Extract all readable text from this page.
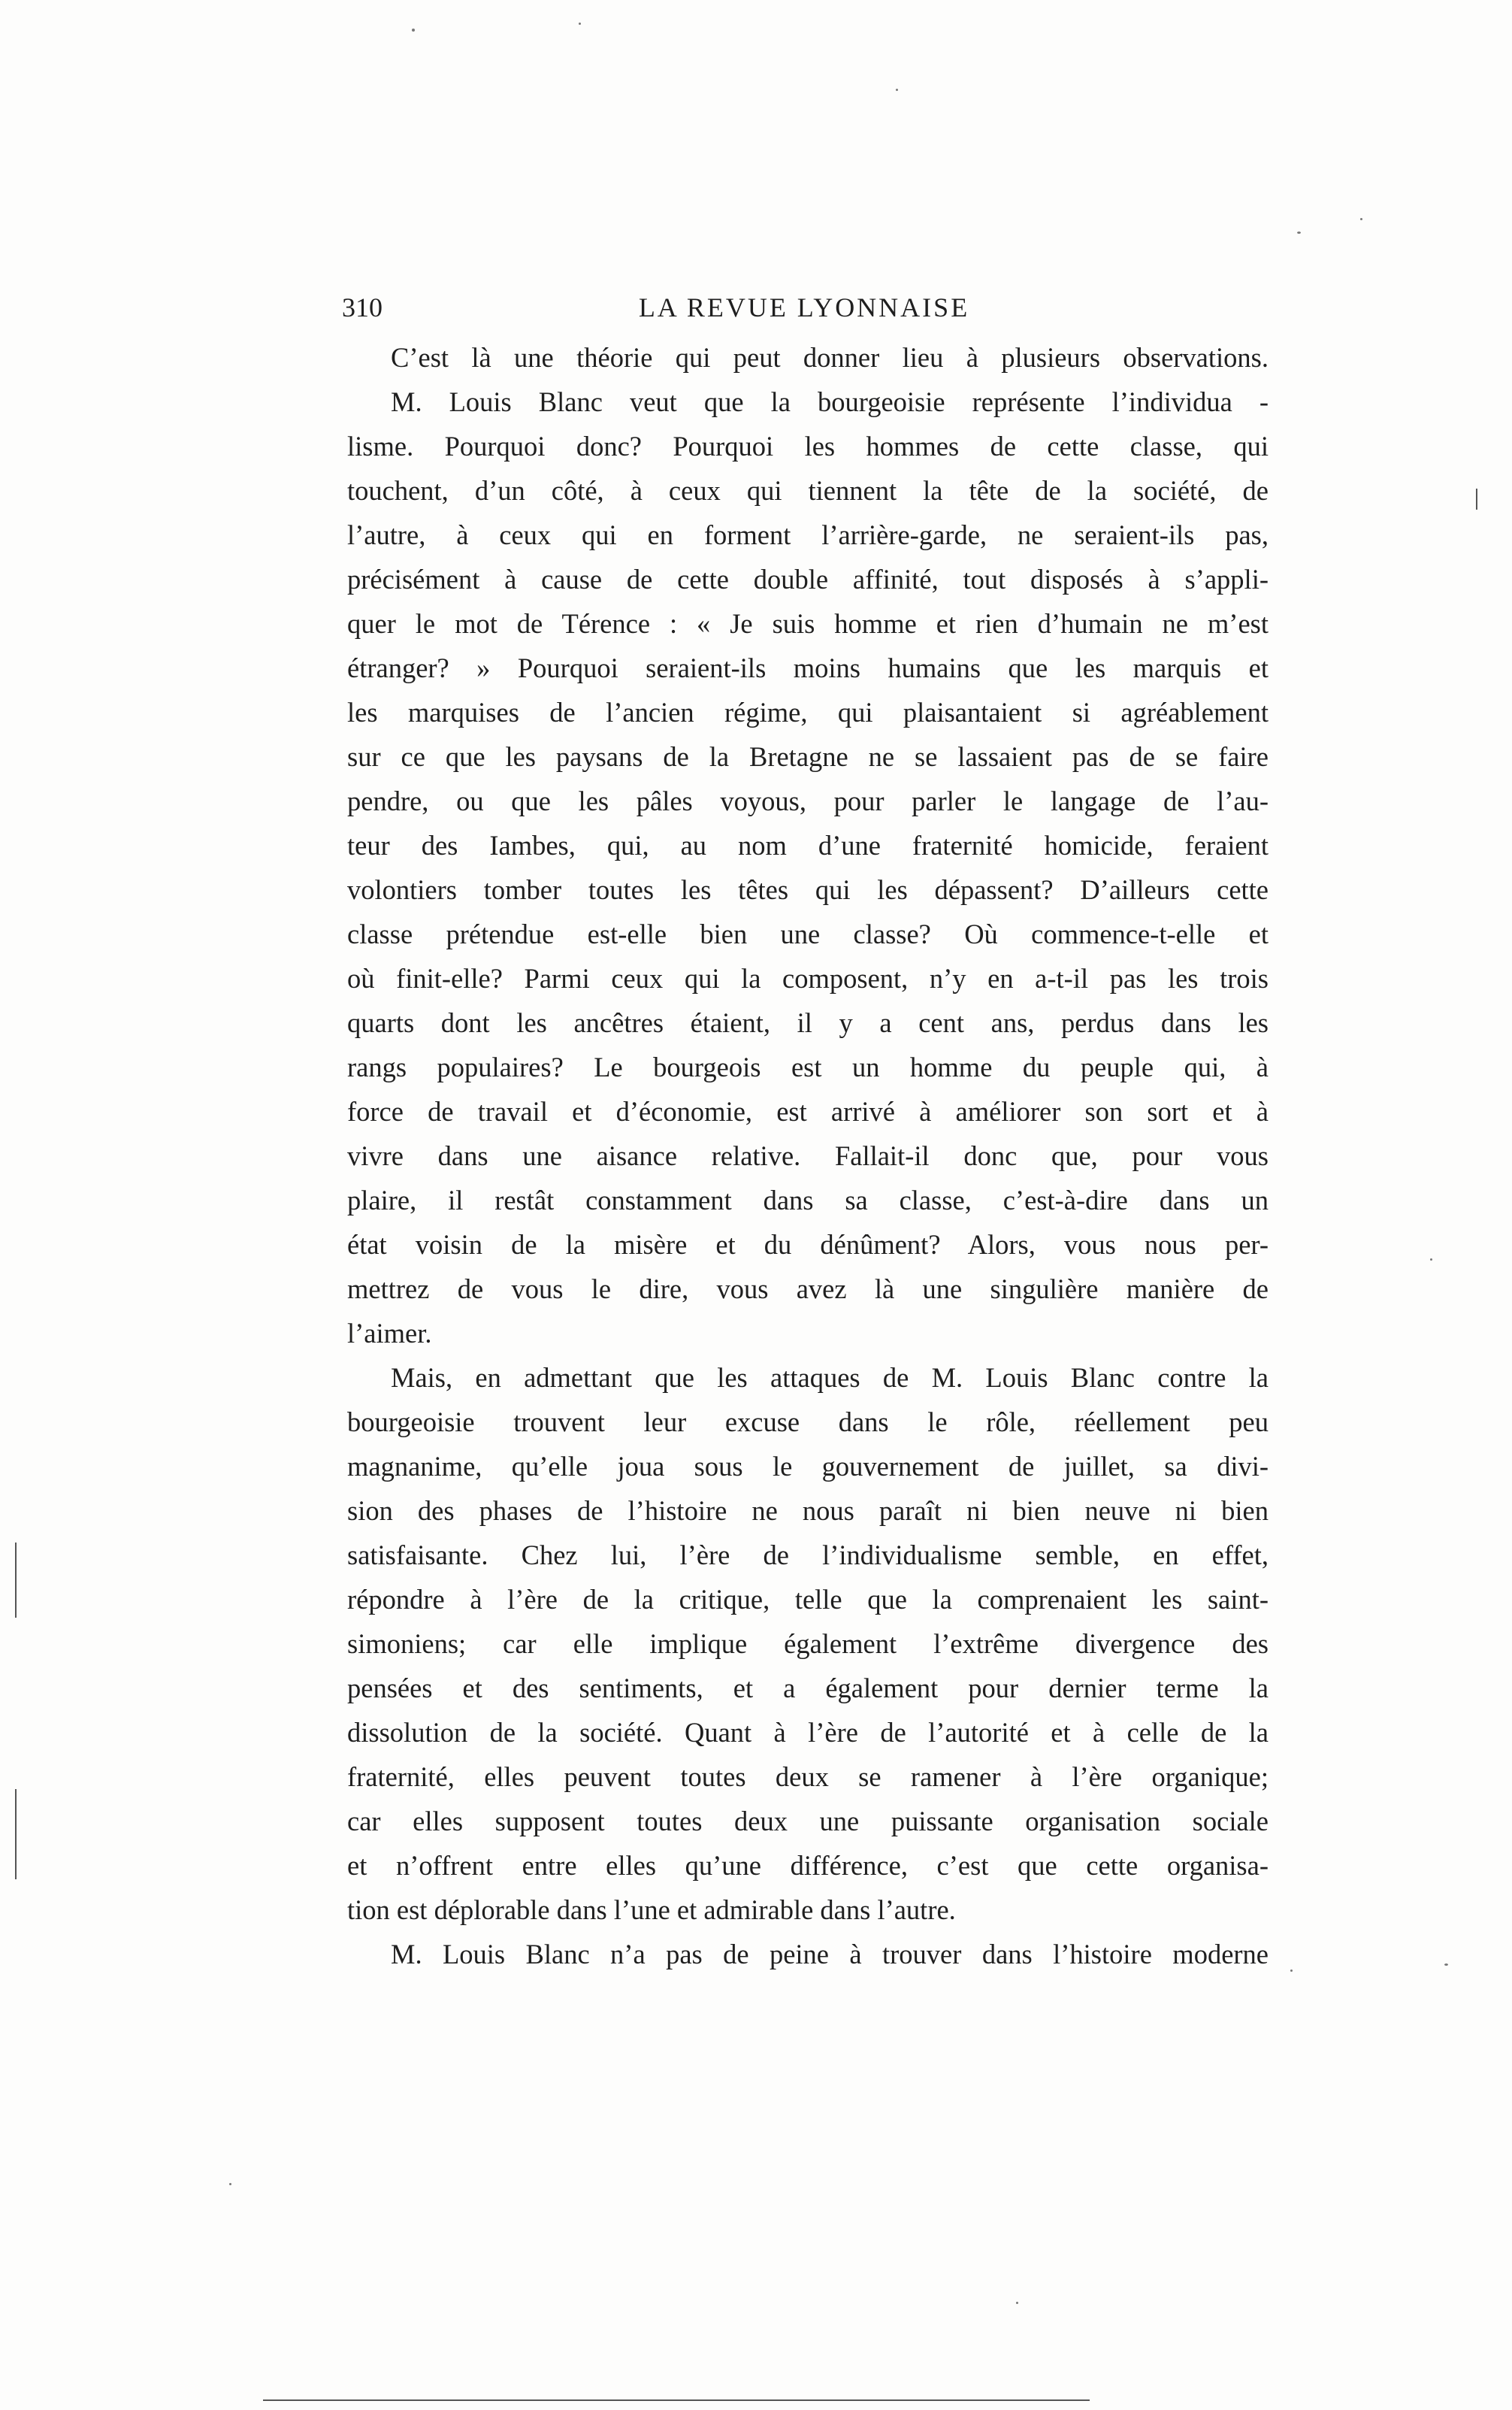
310	LA REVUE LYONNAISE
C’est là une théorie qui peut donner lieu à plusieurs observations.
M. Louis Blanc veut que la bourgeoisie représente l’individua -
lisme. Pourquoi donc? Pourquoi les hommes de cette classe, qui
touchent, d’un côté, à ceux qui tiennent la tête de la société, de
l’autre, à ceux qui en forment l’arrière-garde, ne seraient-ils pas,
précisément à cause de cette double affinité, tout disposés à s’appli-
quer le mot de Térence : « Je suis homme et rien d’humain ne m’est
étranger? » Pourquoi seraient-ils moins humains que les marquis et
les marquises de l’ancien régime, qui plaisantaient si agréablement
sur ce que les paysans de la Bretagne ne se lassaient pas de se faire
pendre, ou que les pâles voyous, pour parler le langage de l’au-
teur des Iambes, qui, au nom d’une fraternité homicide, feraient
volontiers tomber toutes les têtes qui les dépassent? D’ailleurs cette
classe prétendue est-elle bien une classe? Où commence-t-elle et
où finit-elle? Parmi ceux qui la composent, n’y en a-t-il pas les trois
quarts dont les ancêtres étaient, il y a cent ans, perdus dans les
rangs populaires? Le bourgeois est un homme du peuple qui, à
force de travail et d’économie, est arrivé à améliorer son sort et à
vivre dans une aisance relative. Fallait-il donc que, pour vous
plaire, il restât constamment dans sa classe, c’est-à-dire dans un
état voisin de la misère et du dénûment? Alors, vous nous per-
mettrez de vous le dire, vous avez là une singulière manière de
l’aimer.
Mais, en admettant que les attaques de M. Louis Blanc contre la
bourgeoisie trouvent leur excuse dans le rôle, réellement peu
magnanime, qu’elle joua sous le gouvernement de juillet, sa divi-
sion des phases de l’histoire ne nous paraît ni bien neuve ni bien
satisfaisante. Chez lui, l’ère de l’individualisme semble, en effet,
répondre à l’ère de la critique, telle que la comprenaient les saint-
simoniens; car elle implique également l’extrême divergence des
pensées et des sentiments, et a également pour dernier terme la
dissolution de la société. Quant à l’ère de l’autorité et à celle de la
fraternité, elles peuvent toutes deux se ramener à l’ère organique;
car elles supposent toutes deux une puissante organisation sociale
et n’offrent entre elles qu’une différence, c’est que cette organisa-
tion est déplorable dans l’une et admirable dans l’autre.
M. Louis Blanc n’a pas de peine à trouver dans l’histoire moderne
